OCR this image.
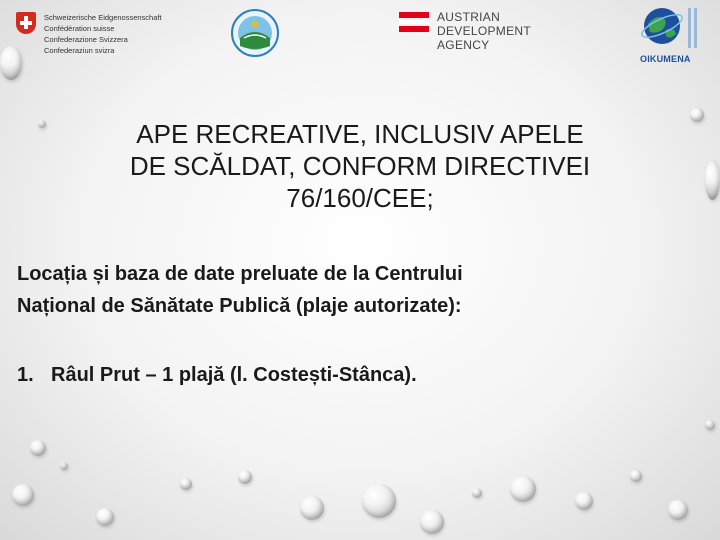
Schweizerische Eidgenossenschaft
Confédération suisse
Confederazione Svizzera
Confederaziun svizra
AUSTRIAN
DEVELOPMENT
AGENCY
OIKUMENA
APE RECREATIVE, INCLUSIV APELE
DE SCĂLDAT, CONFORM DIRECTIVEI
76/160/CEE;
Locația și baza de date preluate de la Centrului
Național de Sănătate Publică (plaje autorizate):
1. Râul Prut – 1 plajă (l. Costești-Stânca).
